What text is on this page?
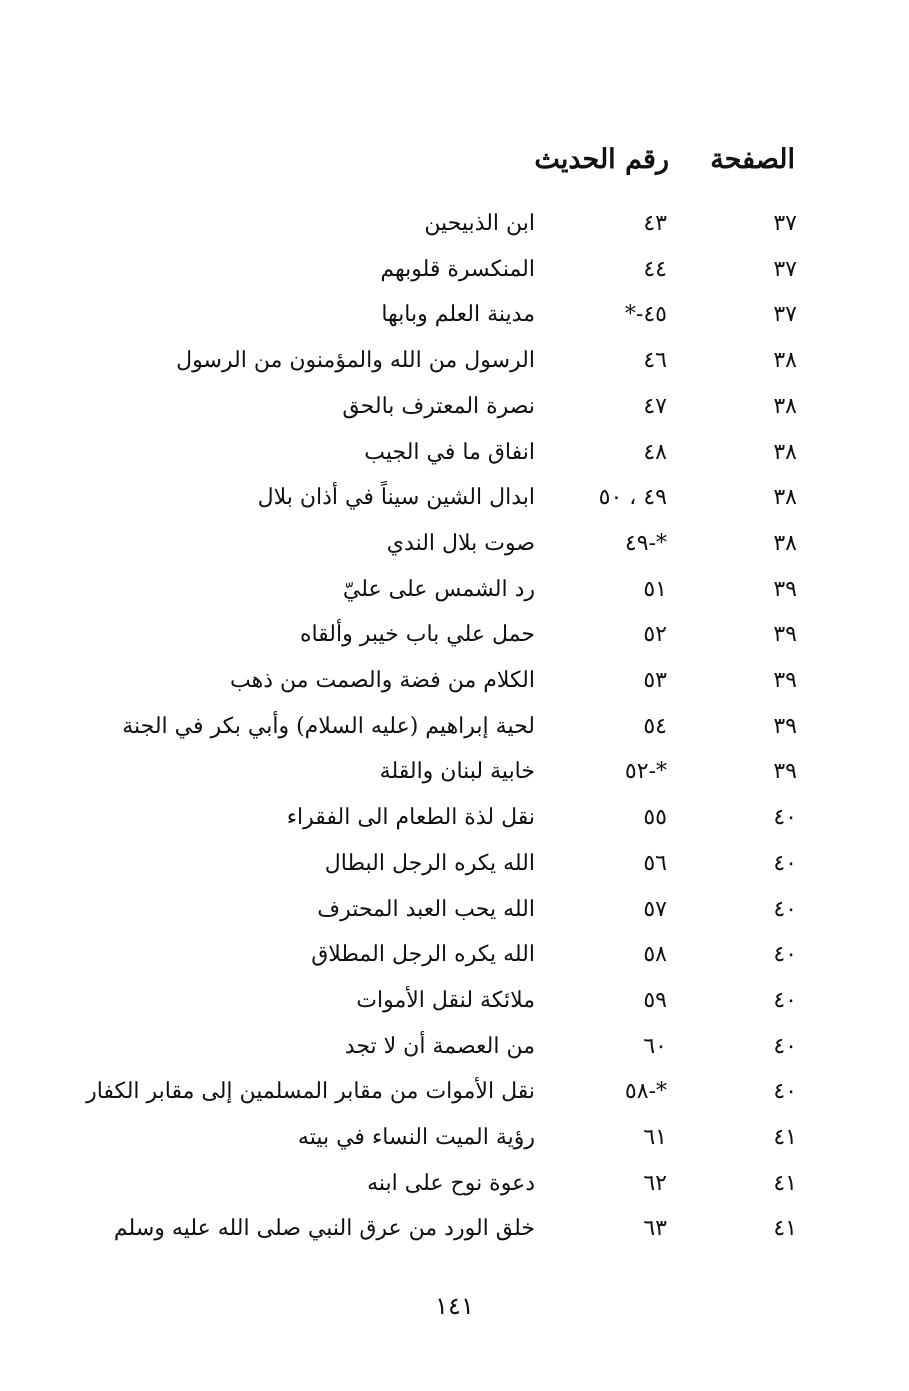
الصفحة
رقم الحديث
٣٧
٤٣
ابن الذبيحين
٣٧
٤٤
المنكسرة قلوبهم
٣٧
٤٥-*
مدينة العلم وبابها
٣٨
٤٦
الرسول من الله والمؤمنون من الرسول
٣٨
٤٧
نصرة المعترف بالحق
٣٨
٤٨
انفاق ما في الجيب
٣٨
٤٩ ، ٥٠
ابدال الشين سيناً في أذان بلال
٣٨
*-٤٩
صوت بلال الندي
٣٩
٥١
رد الشمس على عليّ
٣٩
٥٢
حمل علي باب خيبر وألقاه
٣٩
٥٣
الكلام من فضة والصمت من ذهب
٣٩
٥٤
لحية إبراهيم (عليه السلام) وأبي بكر في الجنة
٣٩
*-٥٢
خابية لبنان والقلة
٤٠
٥٥
نقل لذة الطعام الى الفقراء
٤٠
٥٦
الله يكره الرجل البطال
٤٠
٥٧
الله يحب العبد المحترف
٤٠
٥٨
الله يكره الرجل المطلاق
٤٠
٥٩
ملائكة لنقل الأموات
٤٠
٦٠
من العصمة أن لا تجد
٤٠
*-٥٨
نقل الأموات من مقابر المسلمين إلى مقابر الكفار
٤١
٦١
رؤية الميت النساء في بيته
٤١
٦٢
دعوة نوح على ابنه
٤١
٦٣
خلق الورد من عرق النبي صلى الله عليه وسلم
١٤١
